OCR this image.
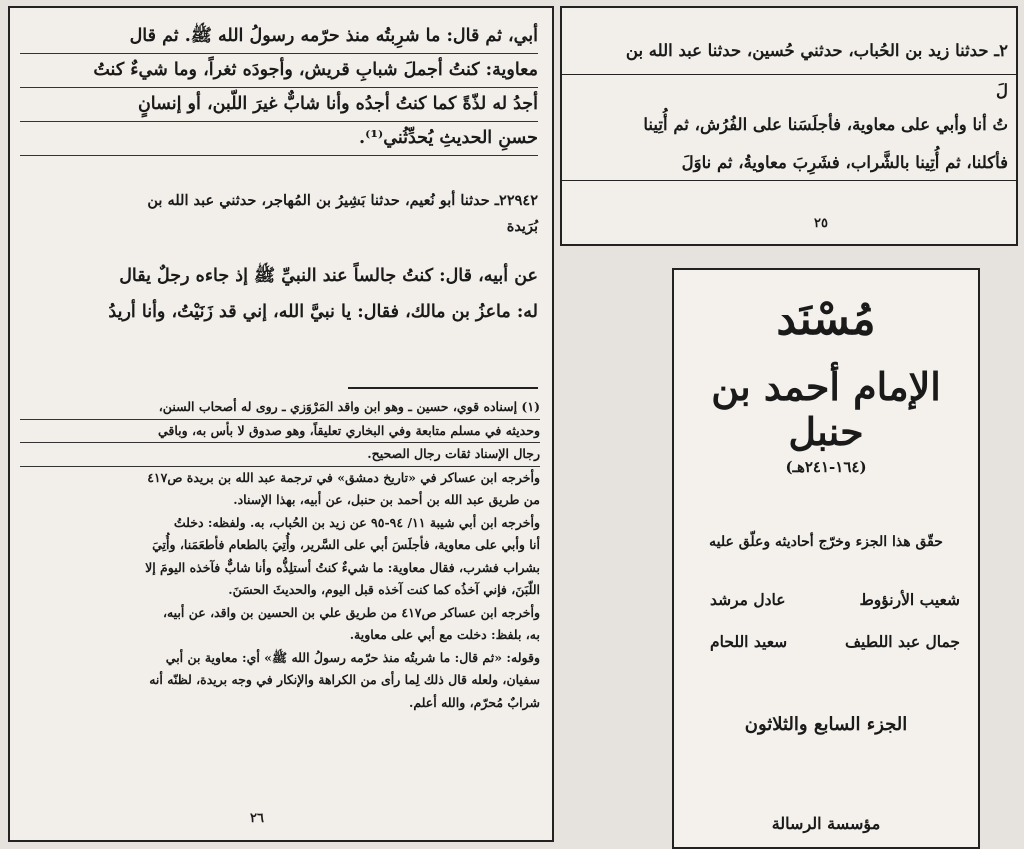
أبي، ثم قال: ما شرِبتُه منذ حرّمه رسولُ الله ﷺ. ثم قال
معاوية: كنتُ أجملَ شبابِ قريش، وأجودَه ثغراً، وما شيءٌ كنتُ
أجدُ له لذّةً كما كنتُ أجدُه وأنا شابٌّ غيرَ اللّبن، أو إنسانٍ
حسنِ الحديثِ يُحدِّثُني⁽¹⁾.
٢٢٩٤٢ـ حدثنا أبو نُعيم، حدثنا بَشِيرُ بن المُهاجر، حدثني عبد الله بن
بُرَيدة
عن أبيه، قال: كنتُ جالساً عند النبيِّ ﷺ إذ جاءه رجلٌ يقال
له: ماعزُ بن مالك، فقال: يا نبيَّ الله، إني قد زَنَيْتُ، وأنا أريدُ
(١) إسناده قوي، حسين ـ وهو ابن واقد المَرْوَزي ـ روى له أصحاب السنن،
وحديثه في مسلم متابعة وفي البخاري تعليقاً، وهو صدوق لا بأس به، وباقي
رجال الإسناد ثقات رجال الصحيح.
وأخرجه ابن عساكر في «تاريخ دمشق» في ترجمة عبد الله بن بريدة ص٤١٧
من طريق عبد الله بن أحمد بن حنبل، عن أبيه، بهذا الإسناد.
وأخرجه ابن أبي شيبة ١١/ ٩٤-٩٥ عن زيد بن الحُباب، به. ولفظه: دخلتُ
أنا وأبي على معاوية، فأجلَسَ أبي على السَّرير، وأُتِيَ بالطعام فأطعَمَنا، وأُتِيَ
بشراب فشرب، فقال معاوية: ما شيءٌ كنتُ أستلِذُّه وأنا شابٌّ فآخذه اليومَ إلا
اللّبَنَ، فإني آخذُه كما كنت آخذه قبل اليوم، والحديثَ الحسَنَ.
وأخرجه ابن عساكر ص٤١٧ من طريق علي بن الحسين بن واقد، عن أبيه،
به، بلفظ: دخلت مع أبي على معاوية.
وقوله: «ثم قال: ما شربتُه منذ حرّمه رسولُ الله ﷺ» أي: معاوية بن أبي
سفيان، ولعله قال ذلك لِما رأى من الكراهة والإنكار في وجه بريدة، لظنّه أنه
شرابٌ مُحرّم، والله أعلم.
٢٦
٢ـ حدثنا زيد بن الحُباب، حدثني حُسين، حدثنا عبد الله بن
لَ
تُ أنا وأبي على معاوية، فأجلَسَنا على الفُرُش، ثم أُتِينا
فأكلنا، ثم أُتِينا بالشَّراب، فشَرِبَ معاويةُ، ثم ناوَلَ
٢٥
مُسْنَد
الإمام أحمد بن حنبل
(١٦٤-٢٤١هـ)
حقّق هذا الجزء وخرّج أحاديثه وعلّق عليه
شعيب الأرنؤوط
عادل مرشد
جمال عبد اللطيف
سعيد اللحام
الجزء السابع والثلاثون
مؤسسة الرسالة
